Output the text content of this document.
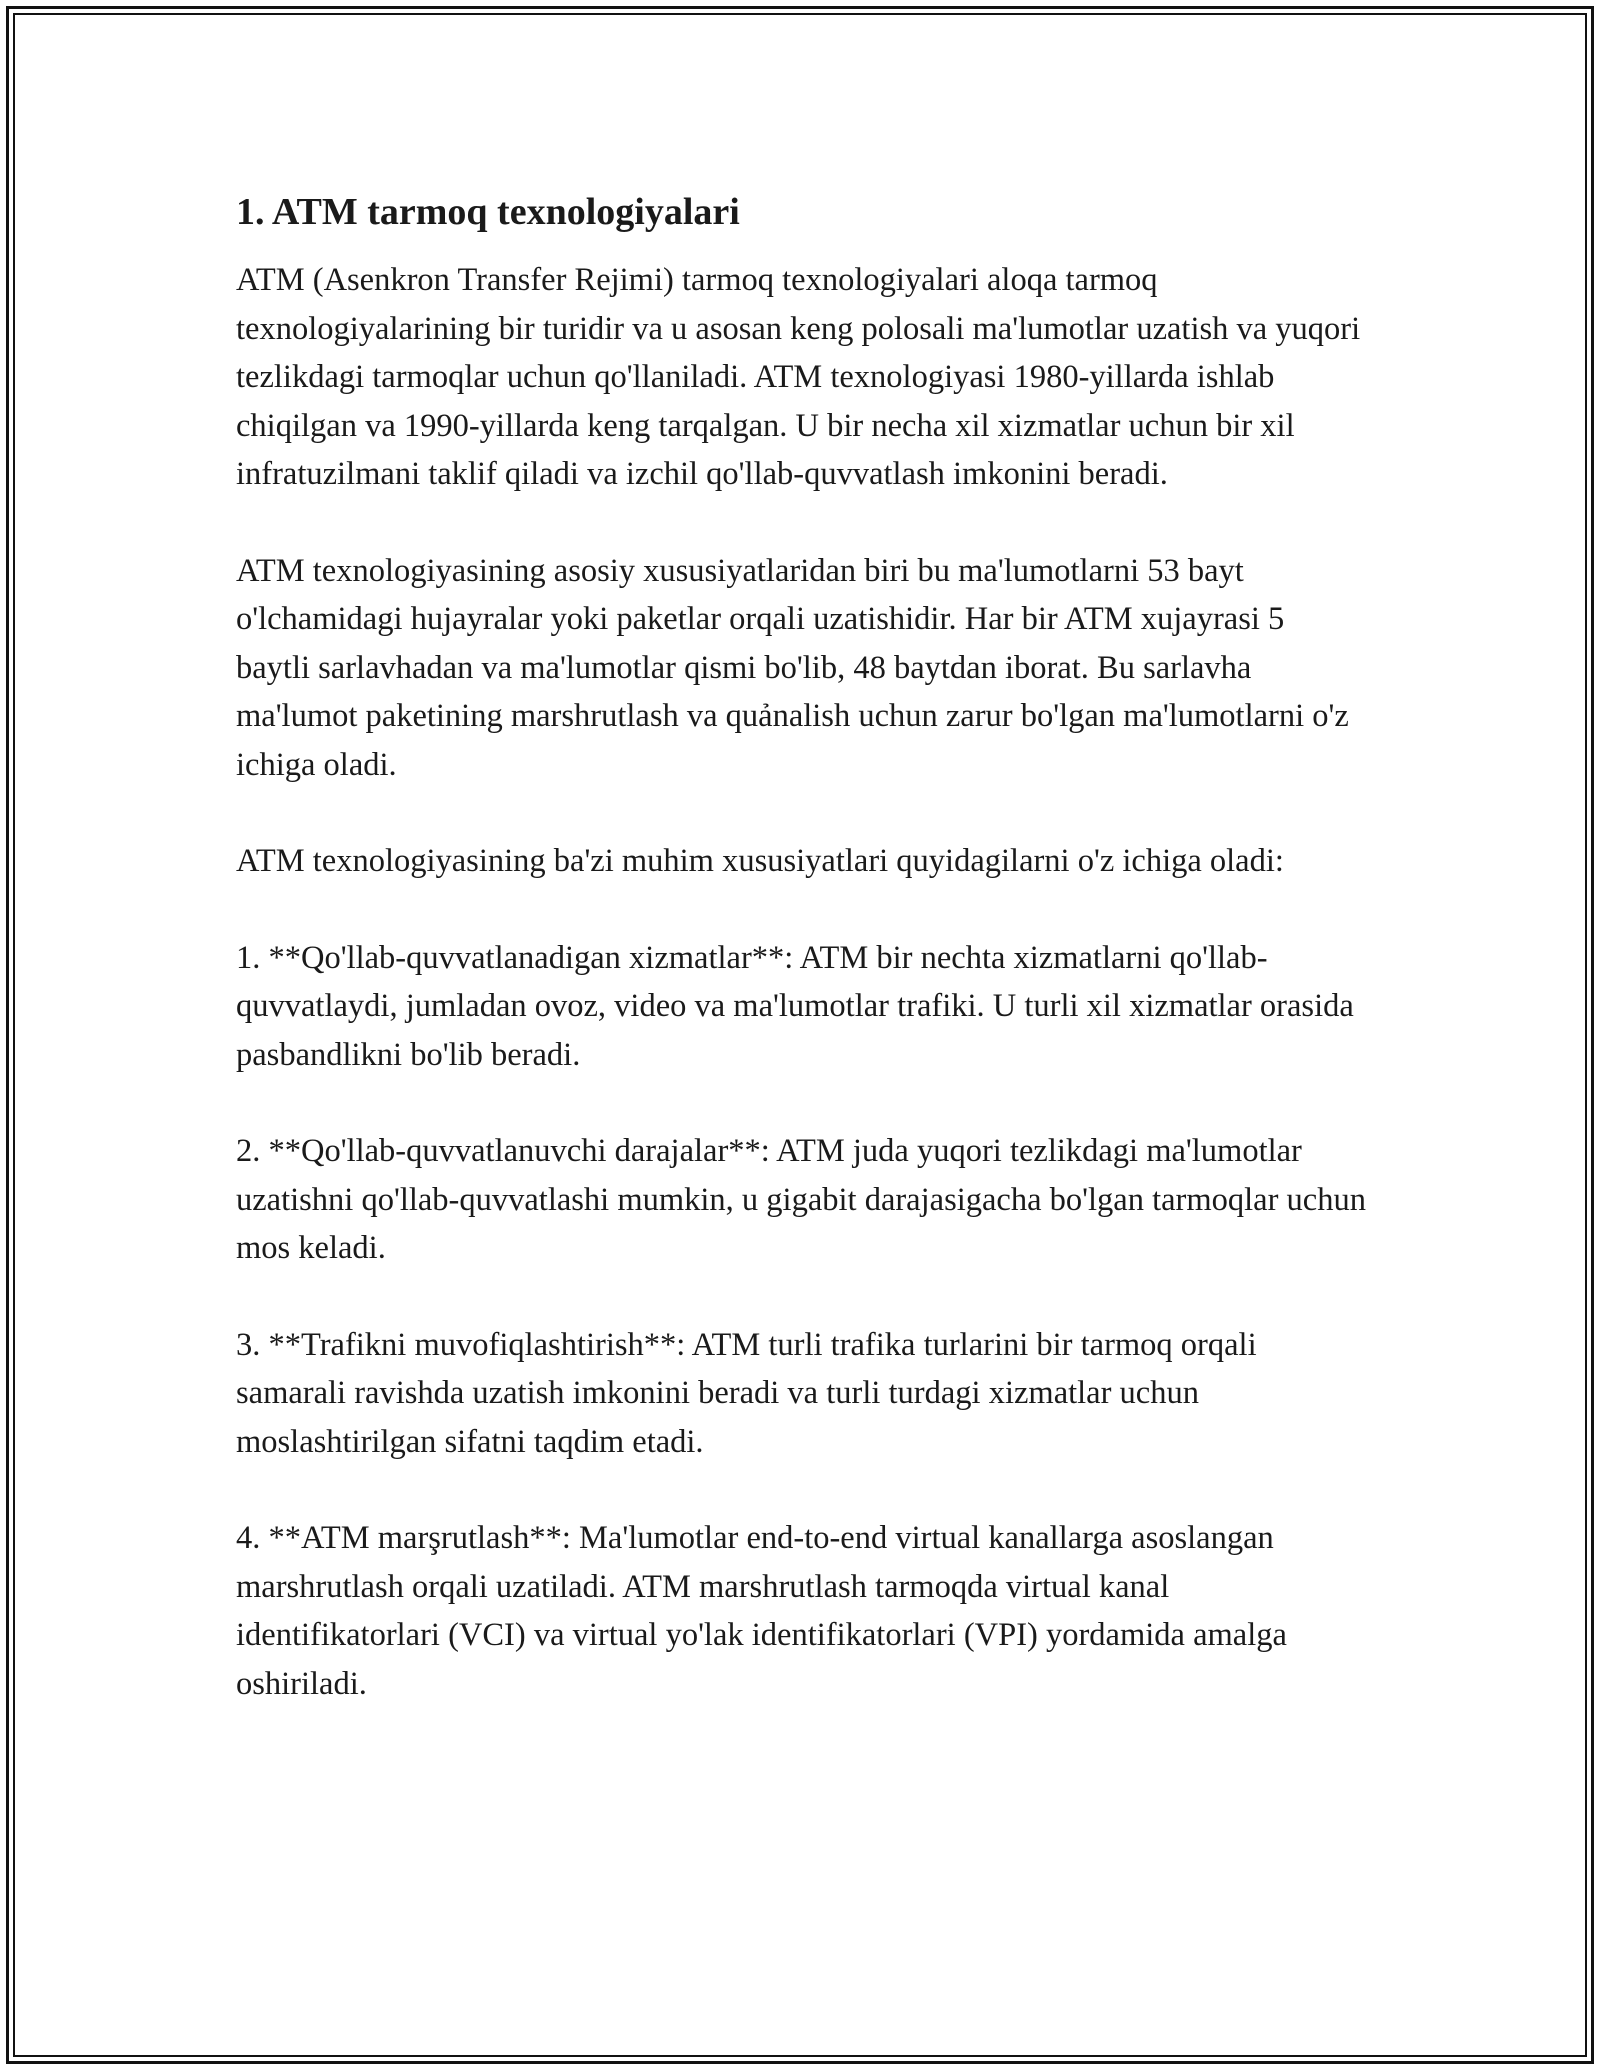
1. ATM tarmoq texnologiyalari

ATM (Asenkron Transfer Rejimi) tarmoq texnologiyalari aloqa tarmoq texnologiyalarining bir turidir va u asosan keng polosali ma'lumotlar uzatish va yuqori tezlikdagi tarmoqlar uchun qo'llaniladi. ATM texnologiyasi 1980-yillarda ishlab chiqilgan va 1990-yillarda keng tarqalgan. U bir necha xil xizmatlar uchun bir xil infratuzilmani taklif qiladi va izchil qo'llab-quvvatlash imkonini beradi.

ATM texnologiyasining asosiy xususiyatlaridan biri bu ma'lumotlarni 53 bayt o'lchamidagi hujayralar yoki paketlar orqali uzatishidir. Har bir ATM xujayrasi 5 baytli sarlavhadan va ma'lumotlar qismi bo'lib, 48 baytdan iborat. Bu sarlavha ma'lumot paketining marshrutlash va quảnalish uchun zarur bo'lgan ma'lumotlarni o'z ichiga oladi.

ATM texnologiyasining ba'zi muhim xususiyatlari quyidagilarni o'z ichiga oladi:

1. **Qo'llab-quvvatlanadigan xizmatlar**: ATM bir nechta xizmatlarni qo'llab-quvvatlaydi, jumladan ovoz, video va ma'lumotlar trafiki. U turli xil xizmatlar orasida pasbandlikni bo'lib beradi.

2. **Qo'llab-quvvatlanuvchi darajalar**: ATM juda yuqori tezlikdagi ma'lumotlar uzatishni qo'llab-quvvatlashi mumkin, u gigabit darajasigacha bo'lgan tarmoqlar uchun mos keladi.

3. **Trafikni muvofiqlashtirish**: ATM turli trafika turlarini bir tarmoq orqali samarali ravishda uzatish imkonini beradi va turli turdagi xizmatlar uchun moslashtirilgan sifatni taqdim etadi.

4. **ATM marşrutlash**: Ma'lumotlar end-to-end virtual kanallarga asoslangan marshrutlash orqali uzatiladi. ATM marshrutlash tarmoqda virtual kanal identifikatorlari (VCI) va virtual yo'lak identifikatorlari (VPI) yordamida amalga oshiriladi.
